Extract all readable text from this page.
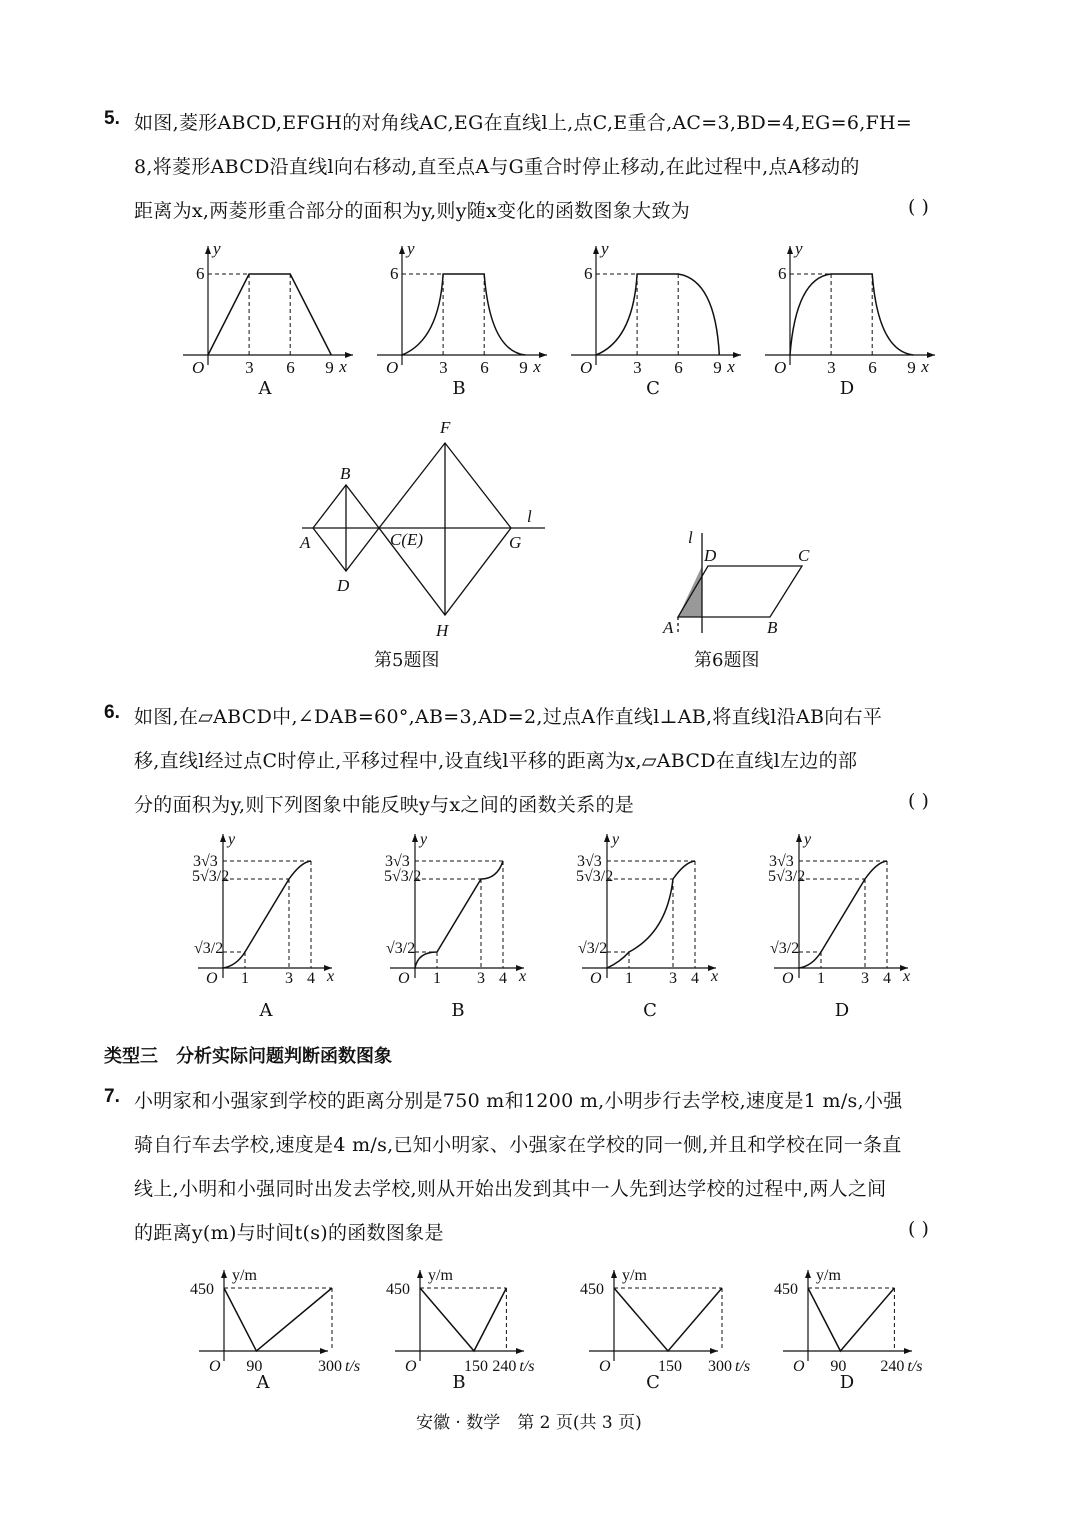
5. 如图,菱形ABCD,EFGH的对角线AC,EG在直线l上,点C,E重合,AC=3,BD=4,EG=6,FH=
8,将菱形ABCD沿直线l向右移动,直至点A与G重合时停止移动,在此过程中,点A移动的
距离为x,两菱形重合部分的面积为y,则y随x变化的函数图象大致为	( )
y
6
O 3 6 9 x
A
y
6
O 3 6 9 x
B
y
6
O 3 6 9 x
C
y
6
O 3 6 9 x
D
B
A	C(E)	G
D
F
H
l
第5题图
D	C
A	B
l
第6题图
6. 如图,在▱ABCD中,∠DAB=60°,AB=3,AD=2,过点A作直线l⊥AB,将直线l沿AB向右平
移,直线l经过点C时停止,平移过程中,设直线l平移的距离为x,▱ABCD在直线l左边的部
分的面积为y,则下列图象中能反映y与x之间的函数关系的是	( )
y
3√3
5√3/2
√3/2
O 1 3 4 x
A
y
3√3
5√3/2
√3/2
O 1 3 4 x
B
y
3√3
5√3/2
√3/2
O 1 3 4 x
C
y
3√3
5√3/2
√3/2
O 1 3 4 x
D
类型三　分析实际问题判断函数图象
7. 小明家和小强家到学校的距离分别是750 m和1200 m,小明步行去学校,速度是1 m/s,小强
骑自行车去学校,速度是4 m/s,已知小明家、小强家在学校的同一侧,并且和学校在同一条直
线上,小明和小强同时出发去学校,则从开始出发到其中一人先到达学校的过程中,两人之间
的距离y(m)与时间t(s)的函数图象是	( )
y/m
450
O 90	300 t/s
A
y/m
450
O	150 240 t/s
B
y/m
450
O	150 300 t/s
C
y/m
450
O 90 240 t/s
D
安徽 · 数学　第 2 页(共 3 页)
